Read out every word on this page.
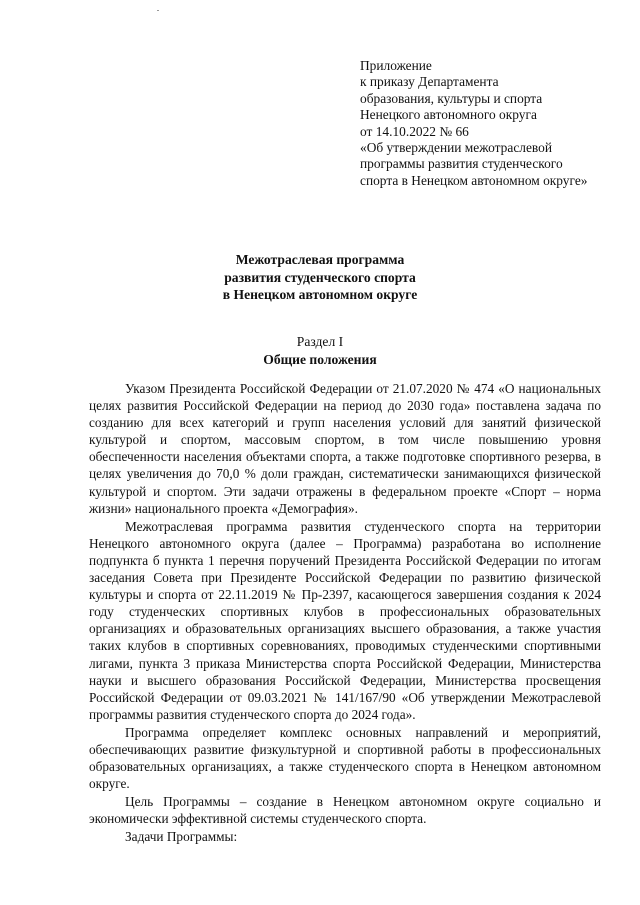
Приложение
к приказу Департамента
образования, культуры и спорта
Ненецкого автономного округа
от 14.10.2022 № 66
«Об утверждении межотраслевой
программы развития студенческого
спорта в Ненецком автономном округе»
Межотраслевая программа
развития студенческого спорта
в Ненецком автономном округе
Раздел I
Общие положения

Указом Президента Российской Федерации от 21.07.2020 № 474 «О национальных целях развития Российской Федерации на период до 2030 года» поставлена задача по созданию для всех категорий и групп населения условий для занятий физической культурой и спортом, массовым спортом, в том числе повышению уровня обеспеченности населения объектами спорта, а также подготовке спортивного резерва, в целях увеличения до 70,0 % доли граждан, систематически занимающихся физической культурой и спортом. Эти задачи отражены в федеральном проекте «Спорт – норма жизни» национального проекта «Демография».

Межотраслевая программа развития студенческого спорта на территории Ненецкого автономного округа (далее – Программа) разработана во исполнение подпункта б пункта 1 перечня поручений Президента Российской Федерации по итогам заседания Совета при Президенте Российской Федерации по развитию физической культуры и спорта от 22.11.2019 № Пр-2397, касающегося завершения создания к 2024 году студенческих спортивных клубов в профессиональных образовательных организациях и образовательных организациях высшего образования, а также участия таких клубов в спортивных соревнованиях, проводимых студенческими спортивными лигами, пункта 3 приказа Министерства спорта Российской Федерации, Министерства науки и высшего образования Российской Федерации, Министерства просвещения Российской Федерации от 09.03.2021 № 141/167/90 «Об утверждении Межотраслевой программы развития студенческого спорта до 2024 года».

Программа определяет комплекс основных направлений и мероприятий, обеспечивающих развитие физкультурной и спортивной работы в профессиональных образовательных организациях, а также студенческого спорта в Ненецком автономном округе.

Цель Программы – создание в Ненецком автономном округе социально и экономически эффективной системы студенческого спорта.

Задачи Программы:
